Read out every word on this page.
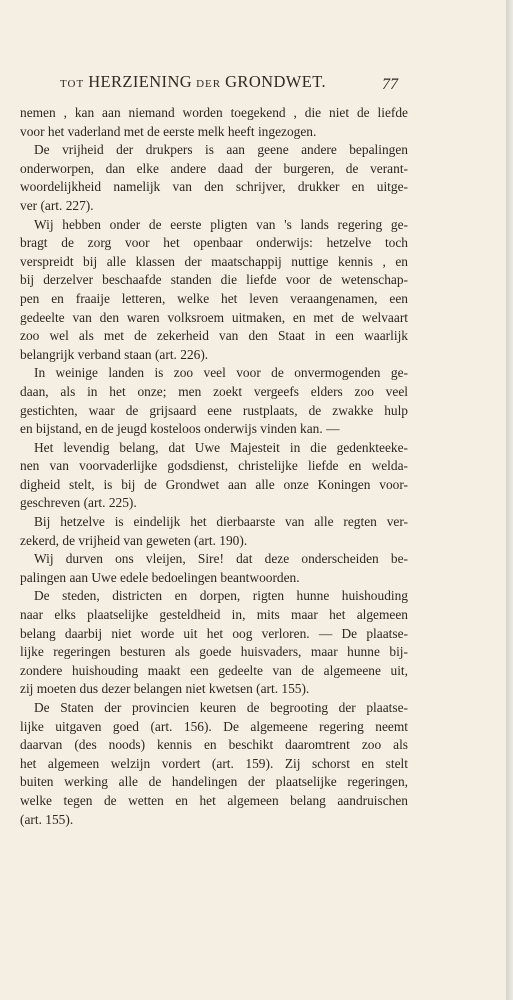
TOT HERZIENING DER GRONDWET.	77
nemen , kan aan niemand worden toegekend , die niet de liefde
voor het vaderland met de eerste melk heeft ingezogen.
De vrijheid der drukpers is aan geene andere bepalingen
onderworpen, dan elke andere daad der burgeren, de verant-
woordelijkheid namelijk van den schrijver, drukker en uitge-
ver (art. 227).
Wij hebben onder de eerste pligten van 's lands regering ge-
bragt de zorg voor het openbaar onderwijs: hetzelve toch
verspreidt bij alle klassen der maatschappij nuttige kennis , en
bij derzelver beschaafde standen die liefde voor de wetenschap-
pen en fraaije letteren, welke het leven veraangenamen, een
gedeelte van den waren volksroem uitmaken, en met de welvaart
zoo wel als met de zekerheid van den Staat in een waarlijk
belangrijk verband staan (art. 226).
In weinige landen is zoo veel voor de onvermogenden ge-
daan, als in het onze; men zoekt vergeefs elders zoo veel
gestichten, waar de grijsaard eene rustplaats, de zwakke hulp
en bijstand, en de jeugd kosteloos onderwijs vinden kan. —
Het levendig belang, dat Uwe Majesteit in die gedenkteeke-
nen van voorvaderlijke godsdienst, christelijke liefde en welda-
digheid stelt, is bij de Grondwet aan alle onze Koningen voor-
geschreven (art. 225).
Bij hetzelve is eindelijk het dierbaarste van alle regten ver-
zekerd, de vrijheid van geweten (art. 190).
Wij durven ons vleijen, Sire! dat deze onderscheiden be-
palingen aan Uwe edele bedoelingen beantwoorden.
De steden, districten en dorpen, rigten hunne huishouding
naar elks plaatselijke gesteldheid in, mits maar het algemeen
belang daarbij niet worde uit het oog verloren. — De plaatse-
lijke regeringen besturen als goede huisvaders, maar hunne bij-
zondere huishouding maakt een gedeelte van de algemeene uit,
zij moeten dus dezer belangen niet kwetsen (art. 155).
De Staten der provincien keuren de begrooting der plaatse-
lijke uitgaven goed (art. 156). De algemeene regering neemt
daarvan (des noods) kennis en beschikt daaromtrent zoo als
het algemeen welzijn vordert (art. 159). Zij schorst en stelt
buiten werking alle de handelingen der plaatselijke regeringen,
welke tegen de wetten en het algemeen belang aandruischen
(art. 155).
